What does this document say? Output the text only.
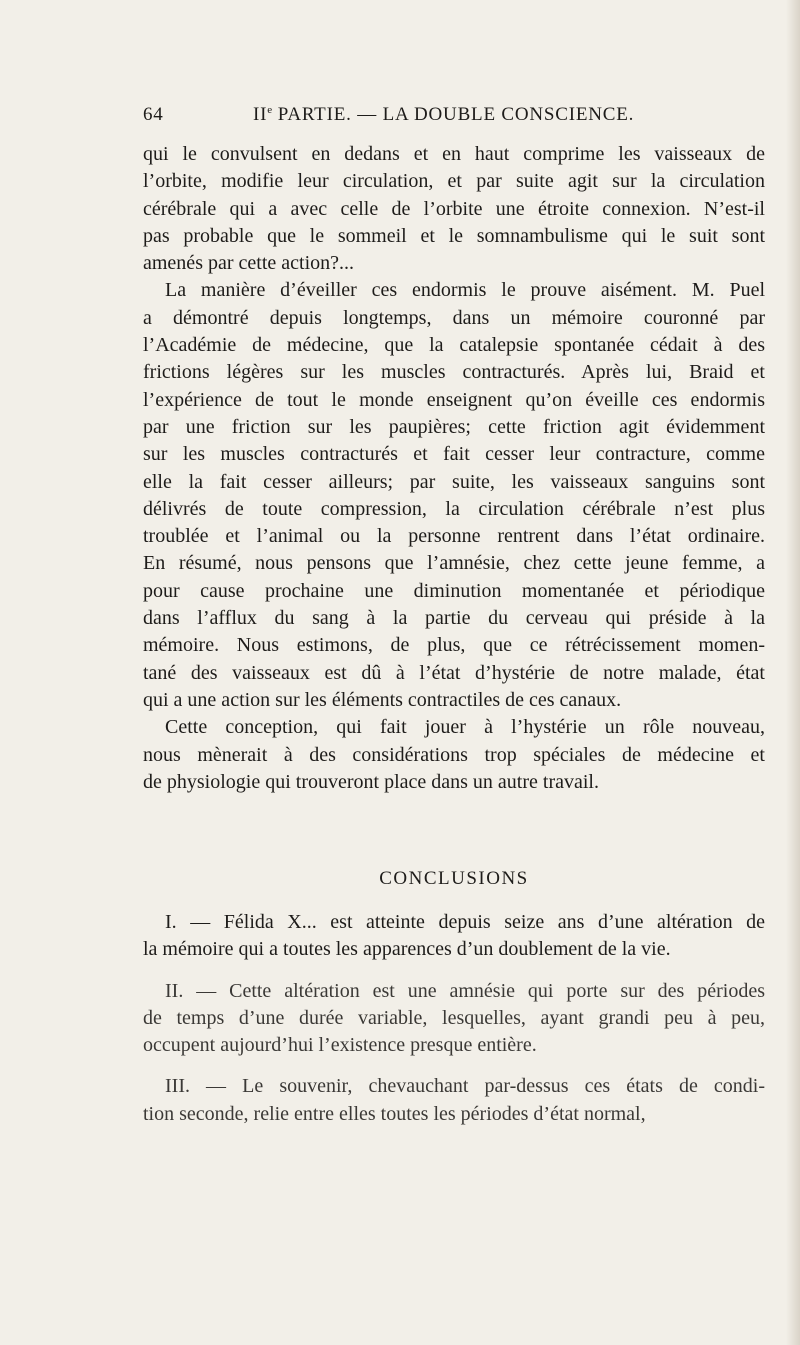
64	IIe PARTIE. — LA DOUBLE CONSCIENCE.

qui le convulsent en dedans et en haut comprime les vaisseaux de

l’orbite, modifie leur circulation, et par suite agit sur la circulation

cérébrale qui a avec celle de l’orbite une étroite connexion. N’est-il

pas probable que le sommeil et le somnambulisme qui le suit sont

amenés par cette action?...

La manière d’éveiller ces endormis le prouve aisément. M. Puel

a démontré depuis longtemps, dans un mémoire couronné par

l’Académie de médecine, que la catalepsie spontanée cédait à des

frictions légères sur les muscles contracturés. Après lui, Braid et

l’expérience de tout le monde enseignent qu’on éveille ces endormis

par une friction sur les paupières; cette friction agit évidemment

sur les muscles contracturés et fait cesser leur contracture, comme

elle la fait cesser ailleurs; par suite, les vaisseaux sanguins sont

délivrés de toute compression, la circulation cérébrale n’est plus

troublée et l’animal ou la personne rentrent dans l’état ordinaire.

En résumé, nous pensons que l’amnésie, chez cette jeune femme, a

pour cause prochaine une diminution momentanée et périodique

dans l’afflux du sang à la partie du cerveau qui préside à la

mémoire. Nous estimons, de plus, que ce rétrécissement momen-

tané des vaisseaux est dû à l’état d’hystérie de notre malade, état

qui a une action sur les éléments contractiles de ces canaux.

Cette conception, qui fait jouer à l’hystérie un rôle nouveau,

nous mènerait à des considérations trop spéciales de médecine et

de physiologie qui trouveront place dans un autre travail.

CONCLUSIONS

I. — Félida X... est atteinte depuis seize ans d’une altération de

la mémoire qui a toutes les apparences d’un doublement de la vie.

II. — Cette altération est une amnésie qui porte sur des périodes

de temps d’une durée variable, lesquelles, ayant grandi peu à peu,

occupent aujourd’hui l’existence presque entière.

III. — Le souvenir, chevauchant par-dessus ces états de condi-

tion seconde, relie entre elles toutes les périodes d’état normal,
